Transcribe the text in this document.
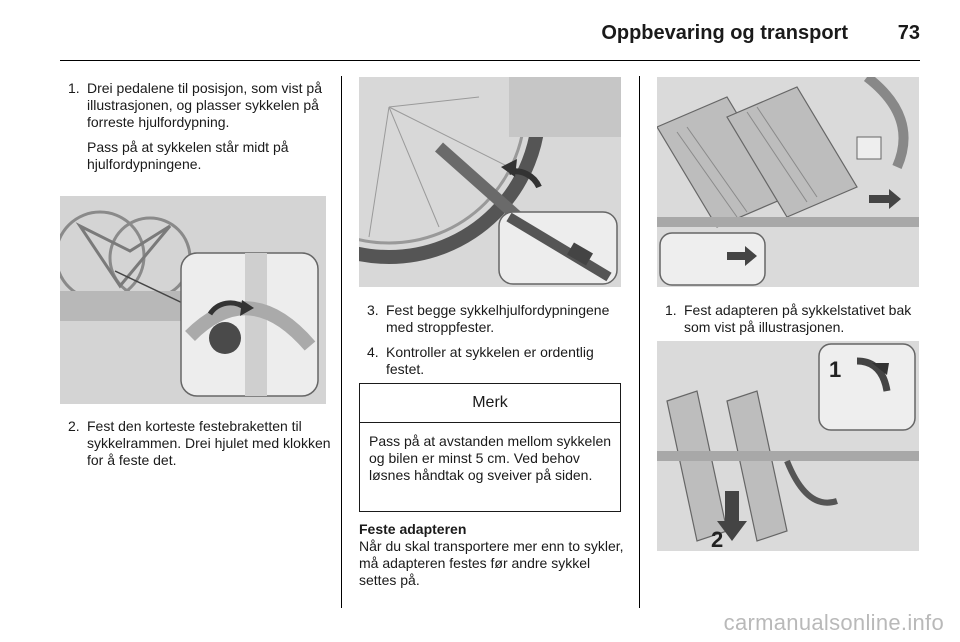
Oppbevaring og transport 73

1. Drei pedalene til posisjon, som vist på illustrasjonen, og plasser sykkelen på forreste hjulfordypning.

Pass på at sykkelen står midt på hjulfordypningene.

2. Fest den korteste festebraketten til sykkelrammen. Drei hjulet med klokken for å feste det.

3. Fest begge sykkelhjulfordypningene med stroppfester.

4. Kontroller at sykkelen er ordentlig festet.

Merk
Pass på at avstanden mellom sykkelen og bilen er minst 5 cm. Ved behov løsnes håndtak og sveiver på siden.
Feste adapteren
Når du skal transportere mer enn to sykler, må adapteren festes før andre sykkel settes på.

1. Fest adapteren på sykkelstativet bak som vist på illustrasjonen.

1
2
carmanualsonline.info
